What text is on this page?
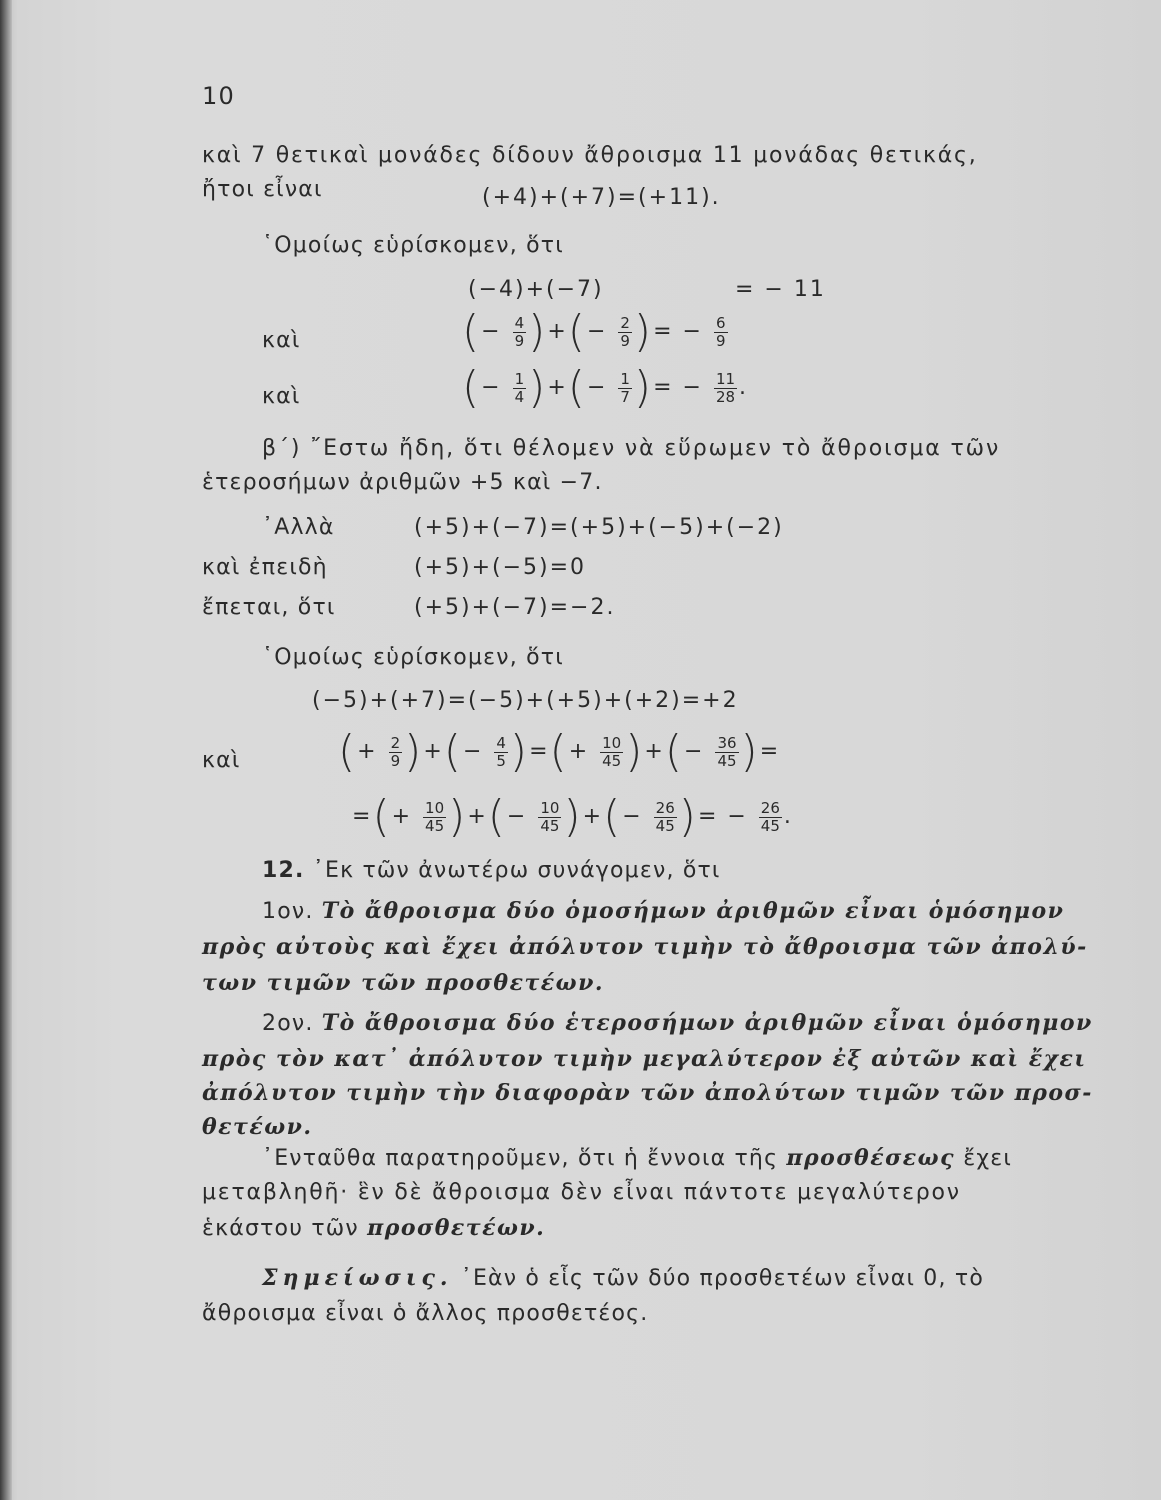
10
καὶ 7 θετικαὶ μονάδες δίδουν ἄθροισμα 11 μονάδας θετικάς,
ἤτοι εἶναι	(+4)+(+7)=(+11).
῾Ομοίως εὑρίσκομεν, ὅτι
(−4)+(−7)	= − 11
καὶ	(− $\frac{4}{9}$ )+(− $\frac{2}{9}$ )= − $\frac{6}{9}$
καὶ	(− $\frac{1}{4}$ )+(− $\frac{1}{7}$ )= − $\frac{11}{28}$ .
β΄) ῎Εστω ἤδη, ὅτι θέλομεν νὰ εὕρωμεν τὸ ἄθροισμα τῶν
ἑτεροσήμων ἀριθμῶν +5 καὶ −7.
᾿Αλλὰ	(+5)+(−7)=(+5)+(−5)+(−2)
καὶ ἐπειδὴ	(+5)+(−5)=0
ἔπεται, ὅτι	(+5)+(−7)=−2.
῾Ομοίως εὑρίσκομεν, ὅτι
(−5)+(+7)=(−5)+(+5)+(+2)=+2
καὶ (+ $\frac{2}{9}$ )+(− $\frac{4}{5}$ )=(+ $\frac{10}{45}$ )+(− $\frac{36}{45}$ )=
=(+ $\frac{10}{45}$ )+(− $\frac{10}{45}$ )+(− $\frac{26}{45}$ )= − $\frac{26}{45}$ .
12. ᾿Εκ τῶν ἀνωτέρω συνάγομεν, ὅτι
1ον. Τὸ ἄθροισμα δύο ὁμοσήμων ἀριθμῶν εἶναι ὁμόσημον
πρὸς αὐτοὺς καὶ ἔχει ἀπόλυτον τιμὴν τὸ ἄθροισμα τῶν ἀπολύ-
των τιμῶν τῶν προσθετέων.
2ον. Τὸ ἄθροισμα δύο ἑτεροσήμων ἀριθμῶν εἶναι ὁμόσημον
πρὸς τὸν κατ᾿ ἀπόλυτον τιμὴν μεγαλύτερον ἐξ αὐτῶν καὶ ἔχει
ἀπόλυτον τιμὴν τὴν διαφορὰν τῶν ἀπολύτων τιμῶν τῶν προσ-
θετέων.
᾿Ενταῦθα παρατηροῦμεν, ὅτι ἡ ἔννοια τῆς προσθέσεως ἔχει
μεταβληθῆ· ἓν δὲ ἄθροισμα δὲν εἶναι πάντοτε μεγαλύτερον
ἑκάστου τῶν προσθετέων.
Σημείωσις. ᾿Εὰν ὁ εἷς τῶν δύο προσθετέων εἶναι 0, τὸ
ἄθροισμα εἶναι ὁ ἄλλος προσθετέος.
